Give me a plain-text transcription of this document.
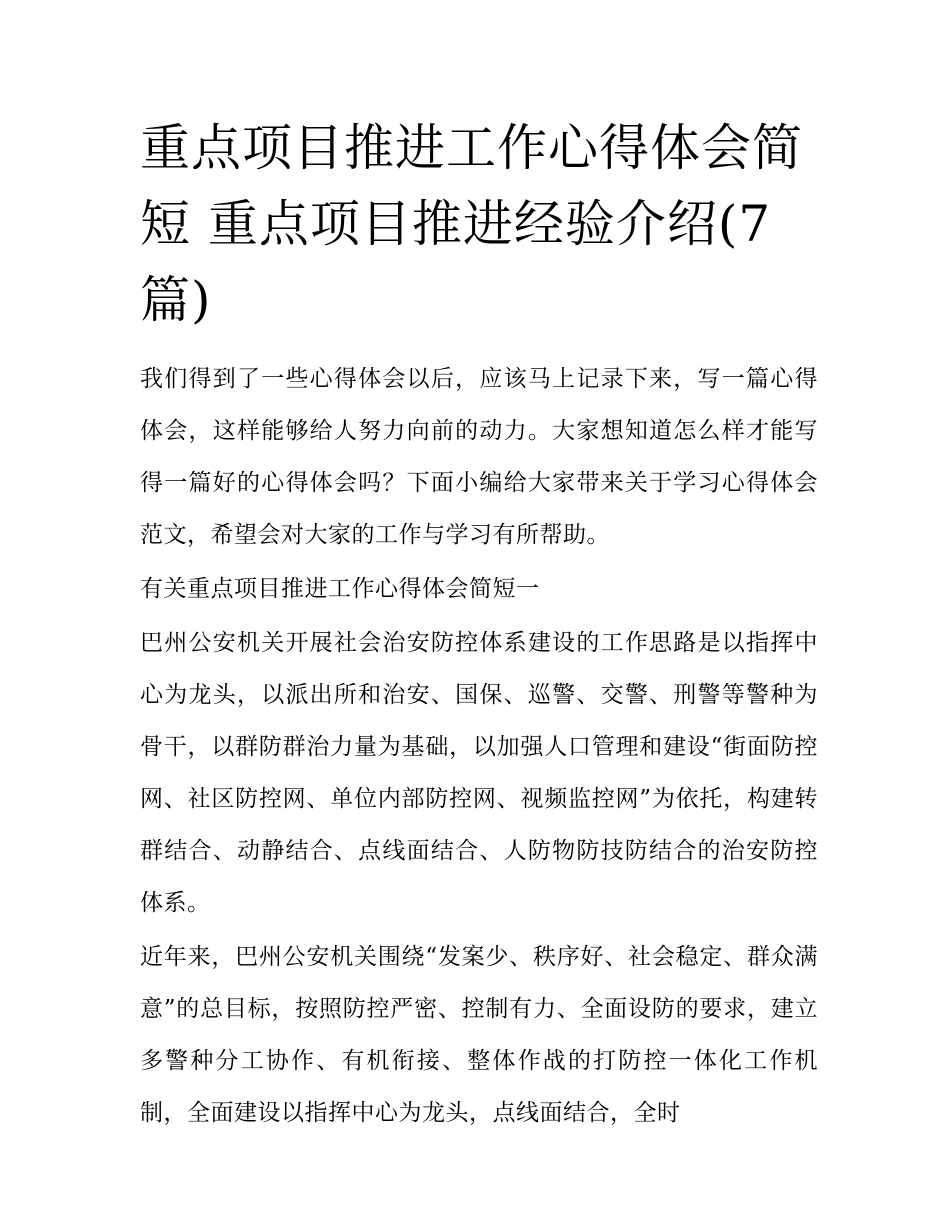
重点项目推进工作心得体会简短 重点项目推进经验介绍(7篇)

我们得到了一些心得体会以后，应该马上记录下来，写一篇心得体会，这样能够给人努力向前的动力。大家想知道怎么样才能写得一篇好的心得体会吗？下面小编给大家带来关于学习心得体会范文，希望会对大家的工作与学习有所帮助。

有关重点项目推进工作心得体会简短一

巴州公安机关开展社会治安防控体系建设的工作思路是以指挥中心为龙头，以派出所和治安、国保、巡警、交警、刑警等警种为骨干，以群防群治力量为基础，以加强人口管理和建设“街面防控网、社区防控网、单位内部防控网、视频监控网”为依托，构建转群结合、动静结合、点线面结合、人防物防技防结合的治安防控体系。

近年来，巴州公安机关围绕“发案少、秩序好、社会稳定、群众满意”的总目标，按照防控严密、控制有力、全面设防的要求，建立多警种分工协作、有机衔接、整体作战的打防控一体化工作机制，全面建设以指挥中心为龙头，点线面结合，全时
